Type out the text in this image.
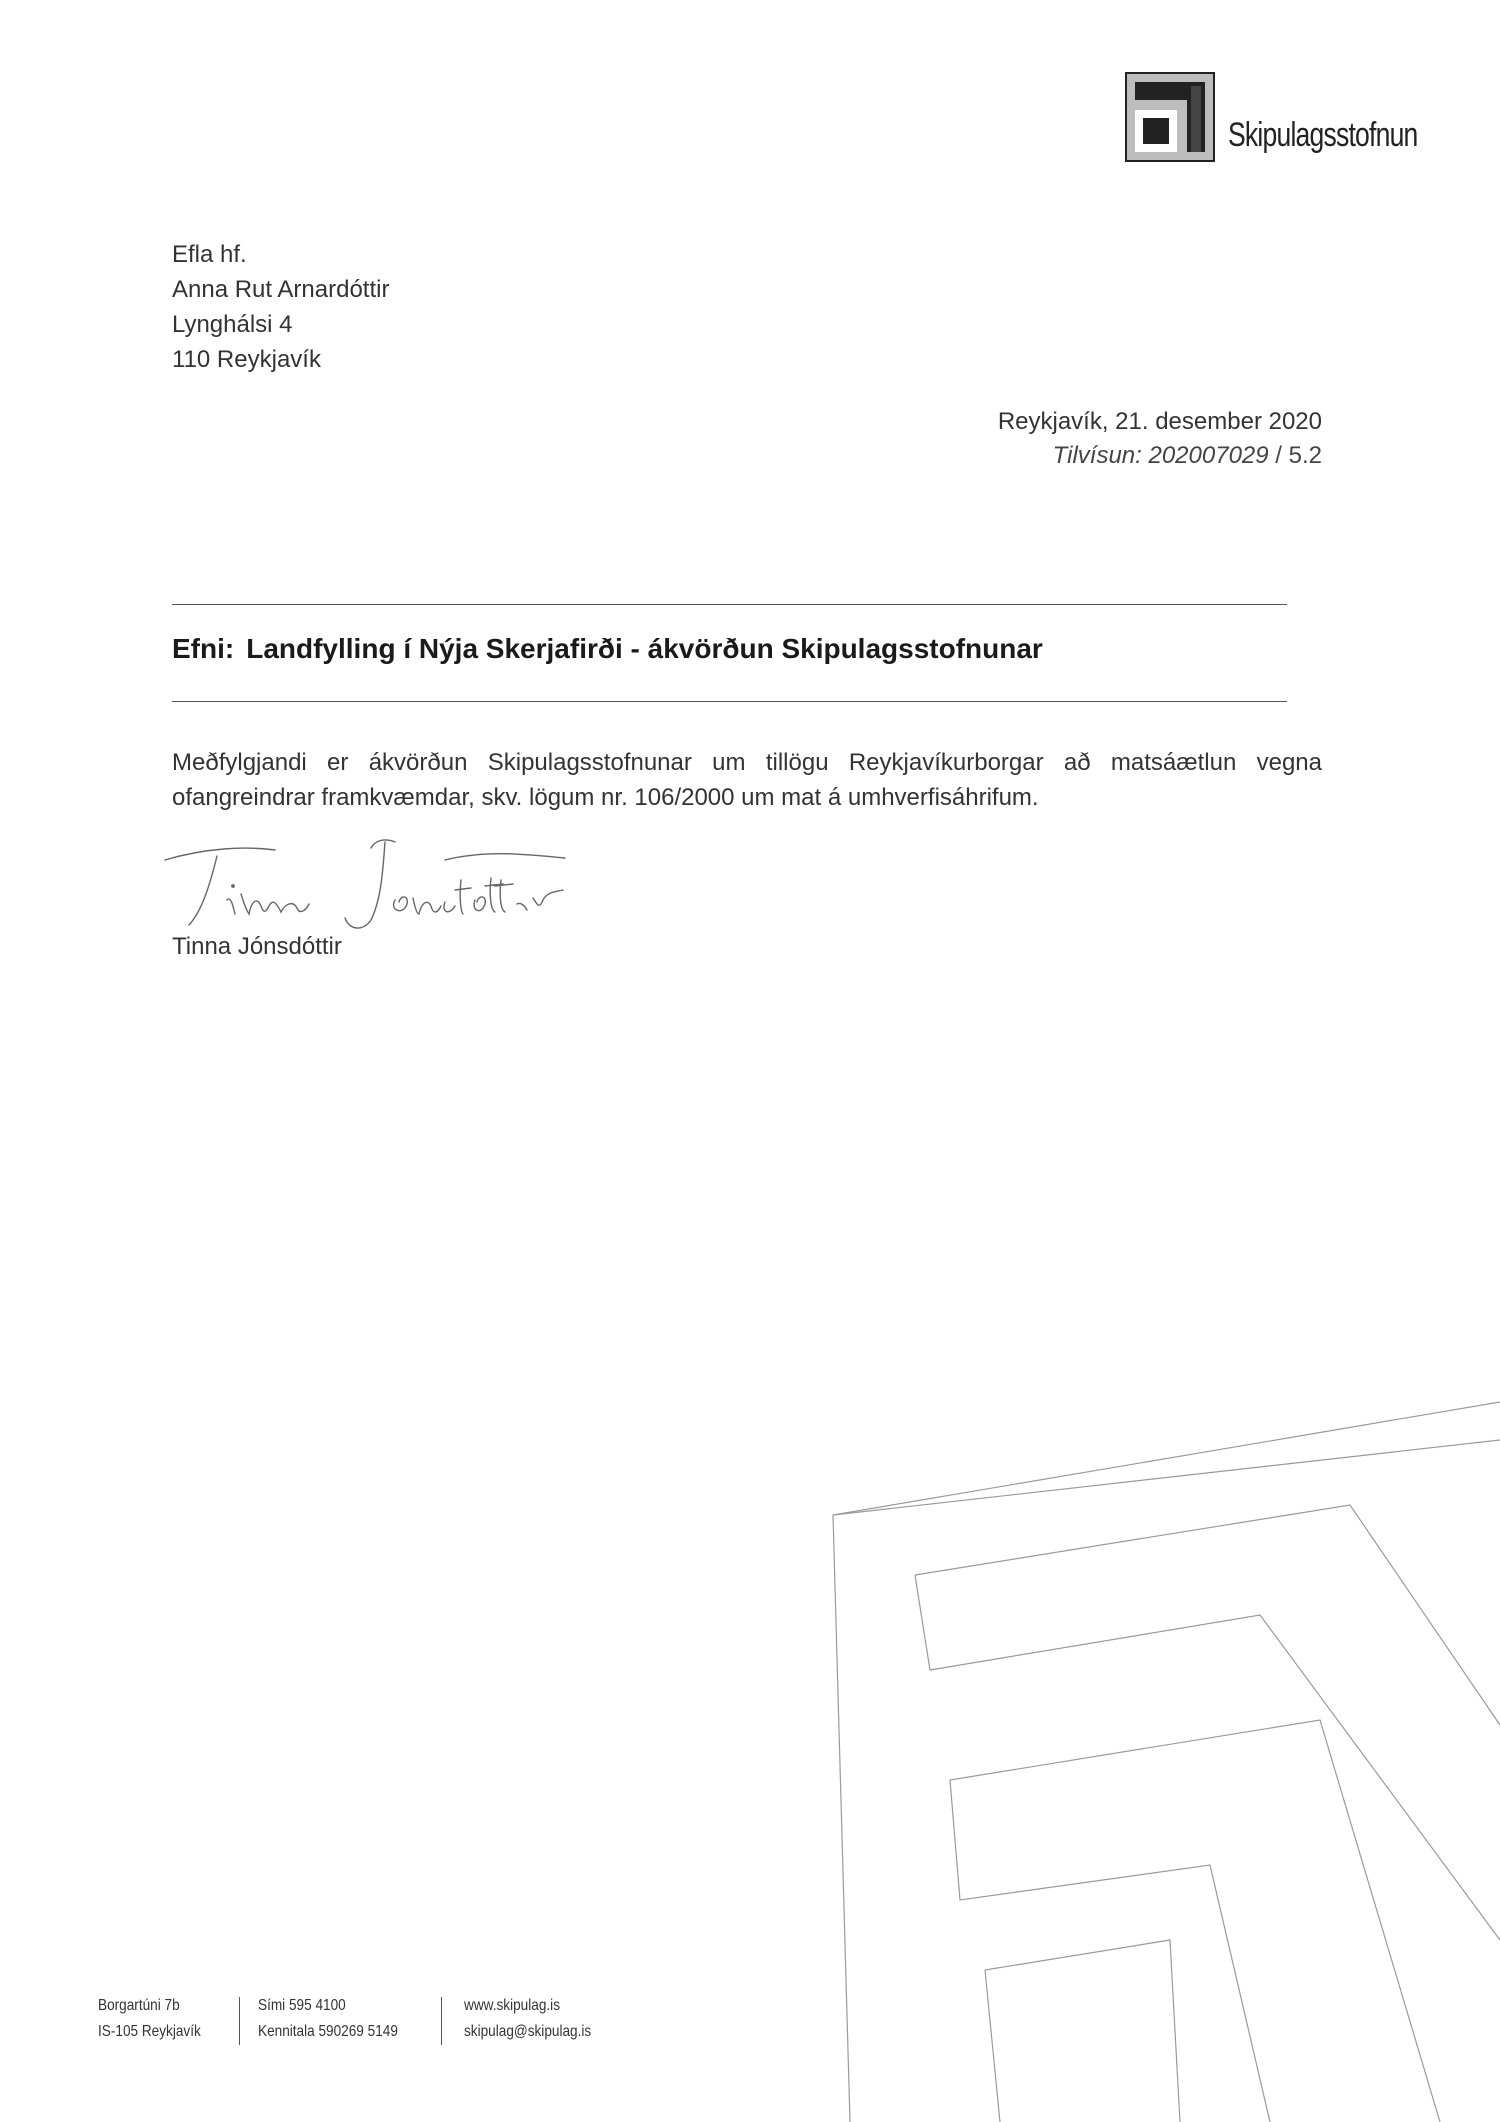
Skipulagsstofnun
Efla hf.
Anna Rut Arnardóttir
Lynghálsi 4
110 Reykjavík
Reykjavík, 21. desember 2020
Tilvísun: 202007029 / 5.2
Efni: Landfylling í Nýja Skerjafirði - ákvörðun Skipulagsstofnunar
Meðfylgjandi er ákvörðun Skipulagsstofnunar um tillögu Reykjavíkurborgar að matsáætlun vegna ofangreindrar framkvæmdar, skv. lögum nr. 106/2000 um mat á umhverfisáhrifum.
Tinna Jónsdóttir
Borgartúni 7b
IS-105 Reykjavík
Sími 595 4100
Kennitala 590269 5149
www.skipulag.is
skipulag@skipulag.is
